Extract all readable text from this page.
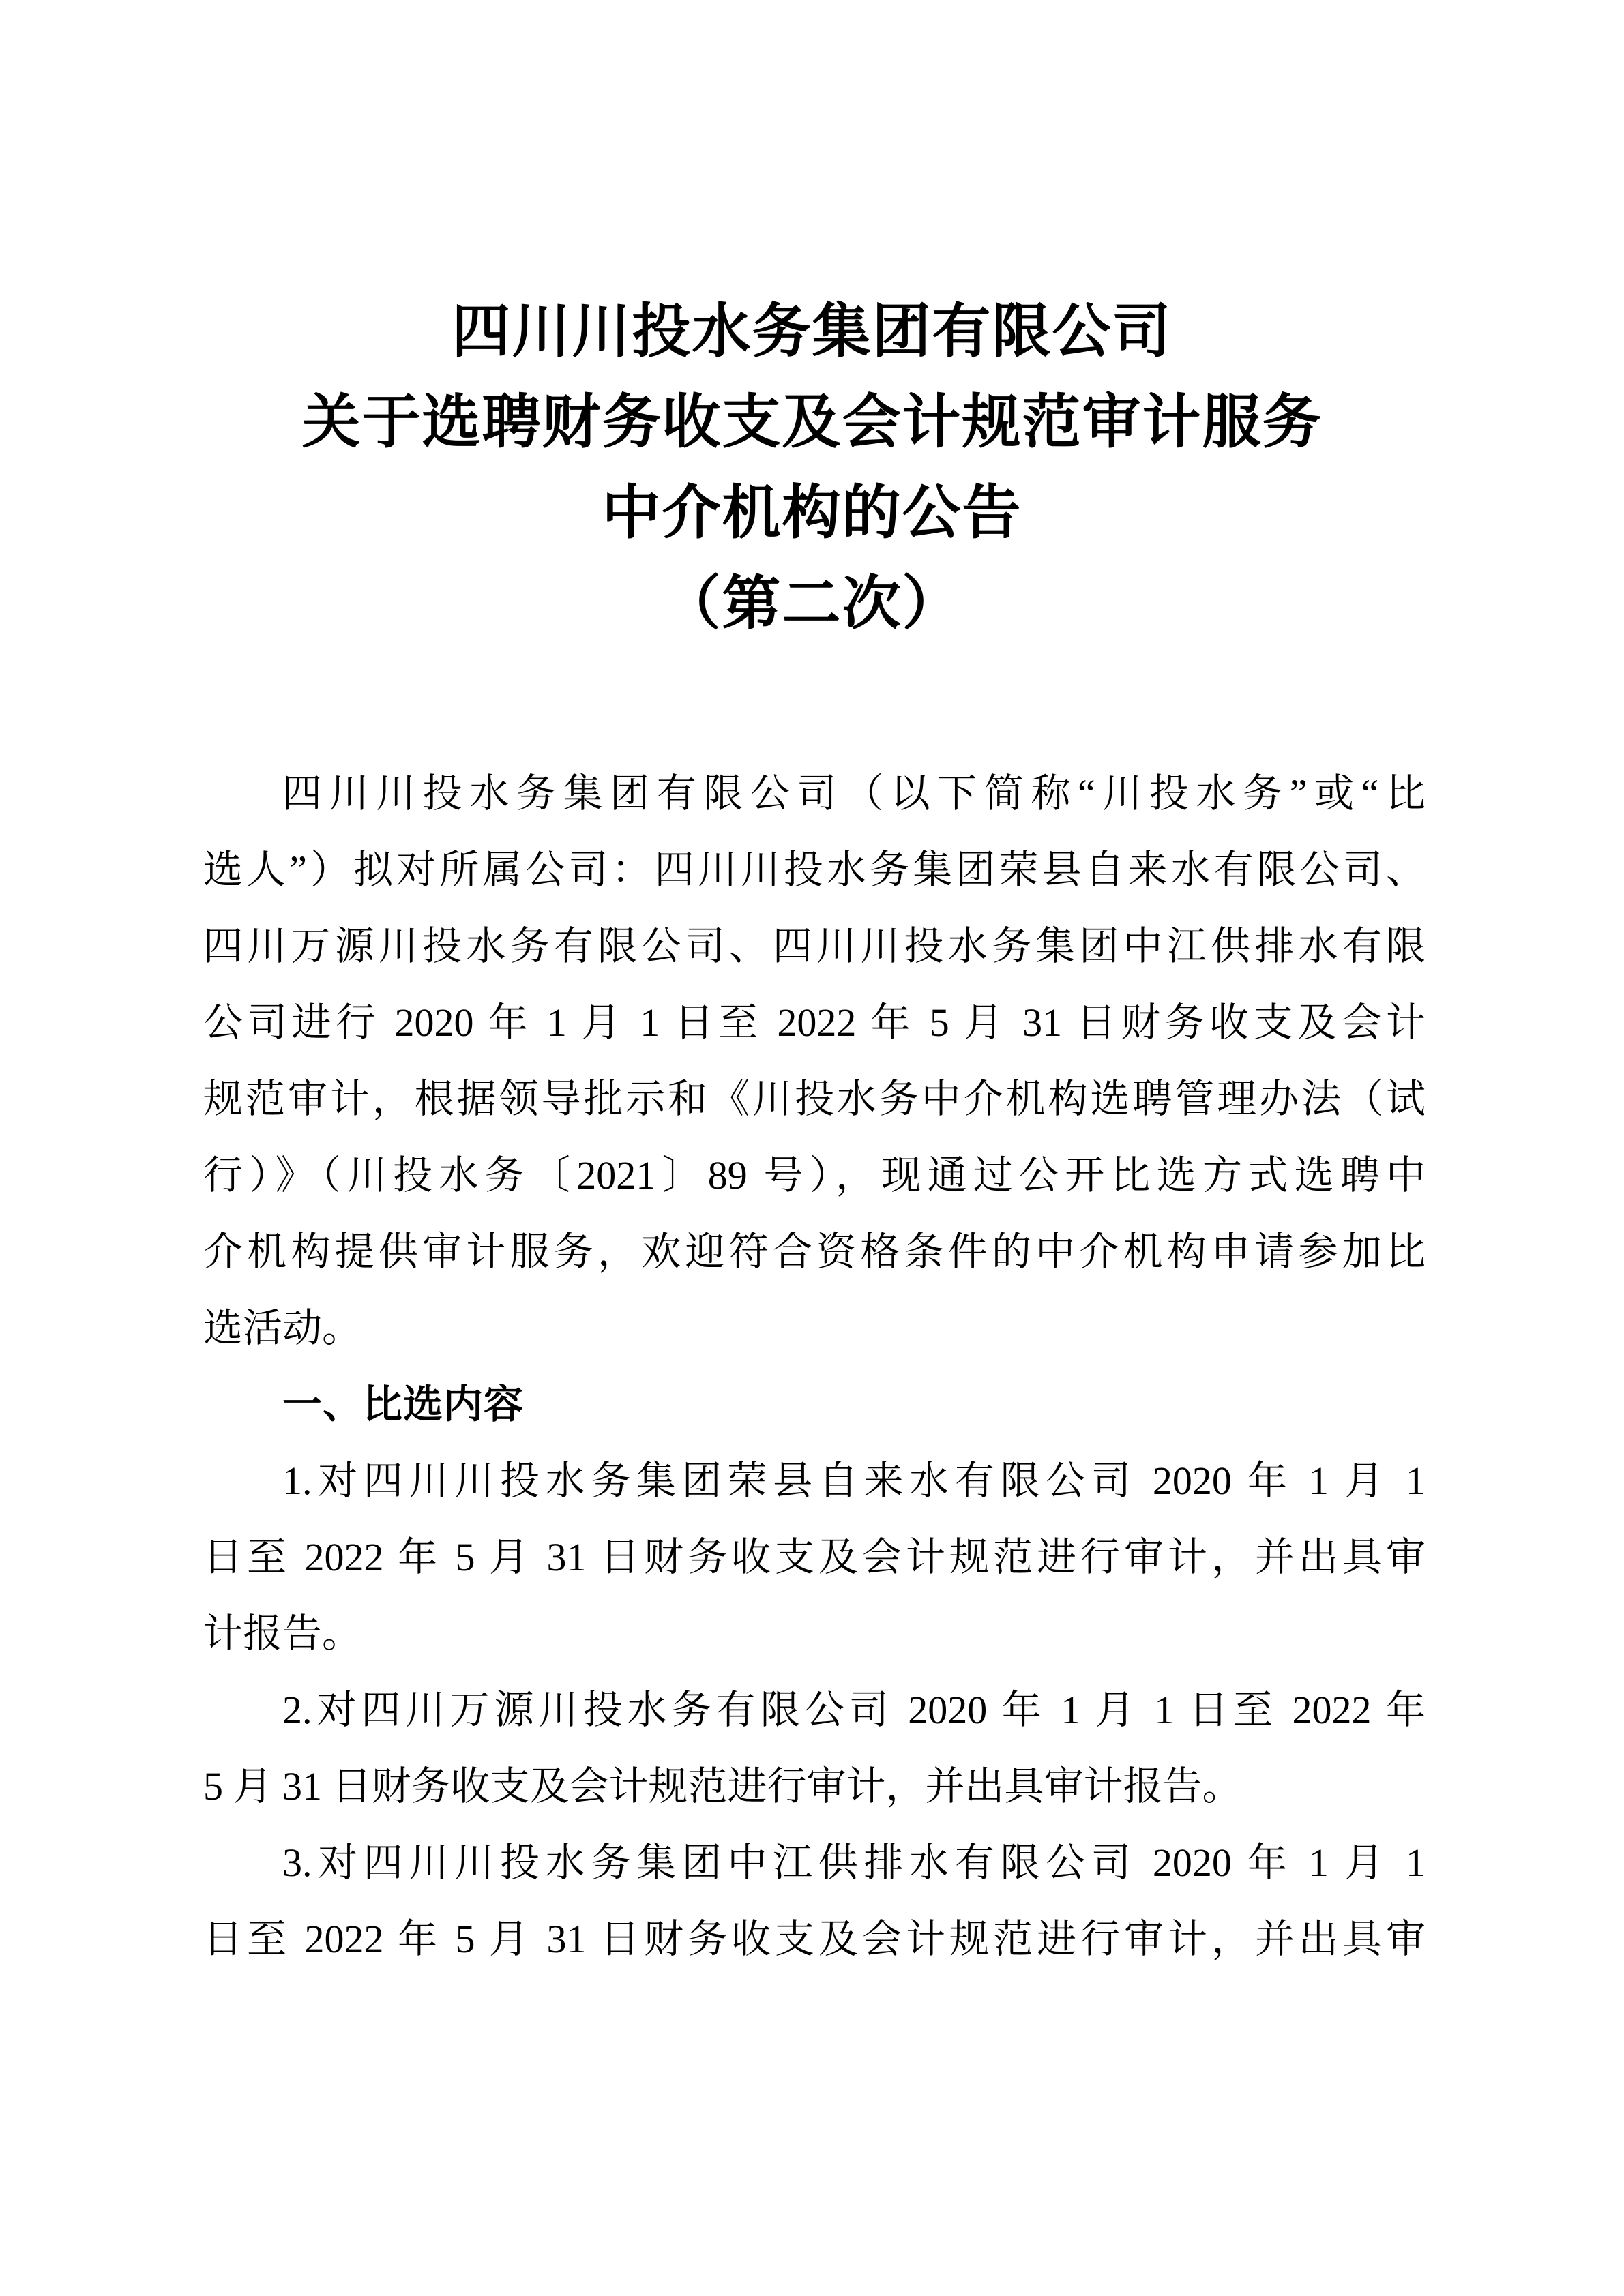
四川川投水务集团有限公司
关于选聘财务收支及会计规范审计服务
中介机构的公告
（第二次）
四川川投水务集团有限公司（以下简称“川投水务”或“比
选人”）拟对所属公司：四川川投水务集团荣县自来水有限公司、
四川万源川投水务有限公司、四川川投水务集团中江供排水有限
公司进行 2020 年 1 月 1 日至 2022 年 5 月 31 日财务收支及会计
规范审计，根据领导批示和《川投水务中介机构选聘管理办法（试
行）》（川投水务〔2021〕89 号），现通过公开比选方式选聘中
介机构提供审计服务，欢迎符合资格条件的中介机构申请参加比
选活动。
一、比选内容
1.对四川川投水务集团荣县自来水有限公司 2020 年 1 月 1
日至 2022 年 5 月 31 日财务收支及会计规范进行审计，并出具审
计报告。
2.对四川万源川投水务有限公司 2020 年 1 月 1 日至 2022 年
5 月 31 日财务收支及会计规范进行审计，并出具审计报告。
3.对四川川投水务集团中江供排水有限公司 2020 年 1 月 1
日至 2022 年 5 月 31 日财务收支及会计规范进行审计，并出具审
